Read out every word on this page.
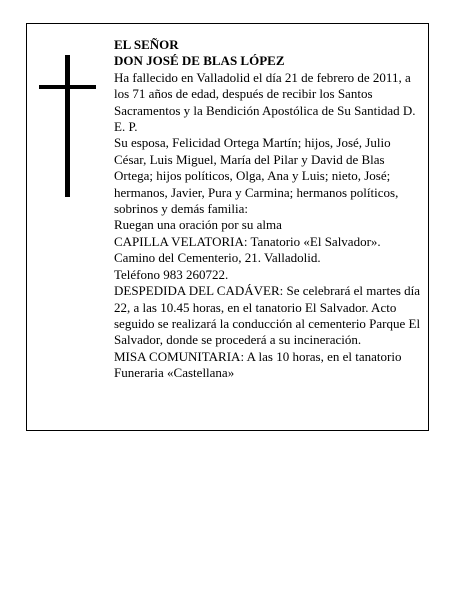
EL SEÑOR
DON JOSÉ DE BLAS LÓPEZ
Ha fallecido en Valladolid el día 21 de febrero de 2011, a los 71 años de edad, después de recibir los Santos Sacramentos y la Bendición Apostólica de Su Santidad D. E. P.
Su esposa, Felicidad Ortega Martín; hijos, José, Julio César, Luis Miguel, María del Pilar y David de Blas Ortega; hijos políticos, Olga, Ana y Luis; nieto, José; hermanos, Javier, Pura y Carmina; hermanos políticos, sobrinos y demás familia:
Ruegan una oración por su alma
CAPILLA VELATORIA: Tanatorio «El Salvador». Camino del Cementerio, 21. Valladolid.
Teléfono 983 260722.
DESPEDIDA DEL CADÁVER: Se celebrará el martes día 22, a las 10.45 horas, en el tanatorio El Salvador. Acto seguido se realizará la conducción al cementerio Parque El Salvador, donde se procederá a su incineración.
MISA COMUNITARIA: A las 10 horas, en el tanatorio Funeraria «Castellana»
